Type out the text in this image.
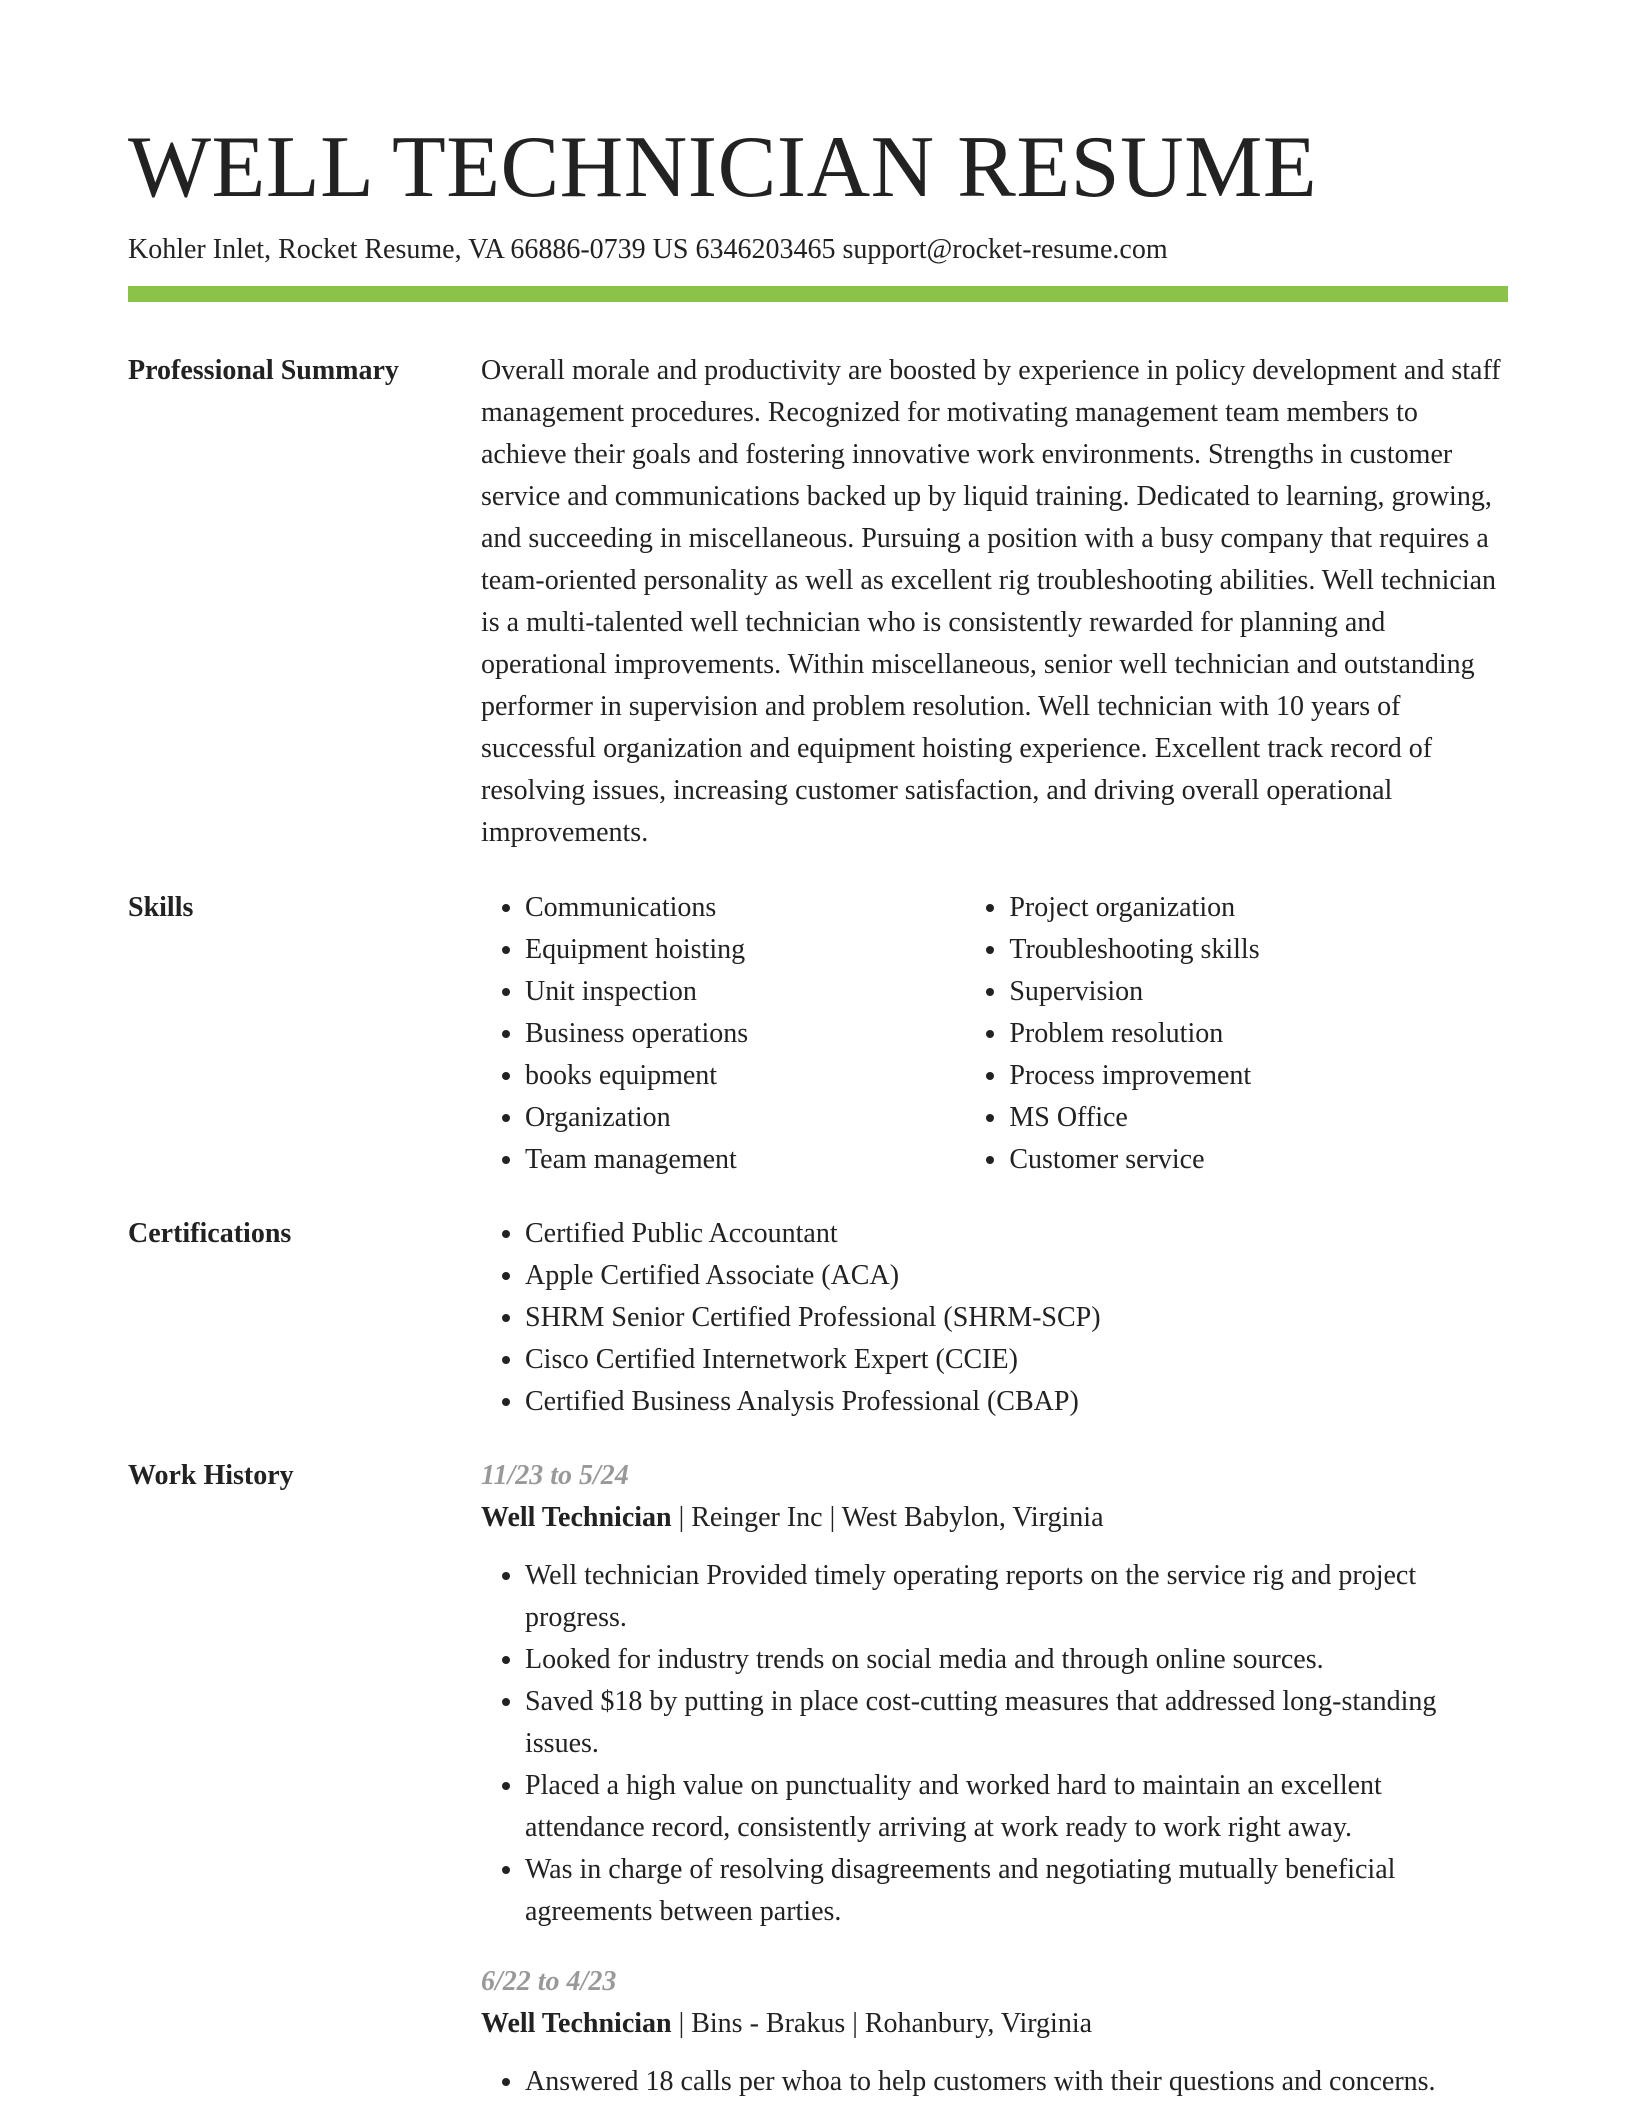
WELL TECHNICIAN RESUME
Kohler Inlet, Rocket Resume, VA 66886-0739 US 6346203465 support@rocket-resume.com
Professional Summary	Overall morale and productivity are boosted by experience in policy development and staff management procedures. Recognized for motivating management team members to achieve their goals and fostering innovative work environments. Strengths in customer service and communications backed up by liquid training. Dedicated to learning, growing, and succeeding in miscellaneous. Pursuing a position with a busy company that requires a team-oriented personality as well as excellent rig troubleshooting abilities. Well technician is a multi-talented well technician who is consistently rewarded for planning and operational improvements. Within miscellaneous, senior well technician and outstanding performer in supervision and problem resolution. Well technician with 10 years of successful organization and equipment hoisting experience. Excellent track record of resolving issues, increasing customer satisfaction, and driving overall operational improvements.

Skills	• Communications
• Equipment hoisting
• Unit inspection
• Business operations
• books equipment
• Organization
• Team management
• Project organization
• Troubleshooting skills
• Supervision
• Problem resolution
• Process improvement
• MS Office
• Customer service
Certifications	• Certified Public Accountant
• Apple Certified Associate (ACA)
• SHRM Senior Certified Professional (SHRM-SCP)
• Cisco Certified Internetwork Expert (CCIE)
• Certified Business Analysis Professional (CBAP)
Work History	11/23 to 5/24
Well Technician | Reinger Inc | West Babylon, Virginia
• Well technician Provided timely operating reports on the service rig and project progress.
• Looked for industry trends on social media and through online sources.
• Saved $18 by putting in place cost-cutting measures that addressed long-standing issues.
• Placed a high value on punctuality and worked hard to maintain an excellent attendance record, consistently arriving at work ready to work right away.
• Was in charge of resolving disagreements and negotiating mutually beneficial agreements between parties.
6/22 to 4/23
Well Technician | Bins - Brakus | Rohanbury, Virginia
• Answered 18 calls per whoa to help customers with their questions and concerns.
